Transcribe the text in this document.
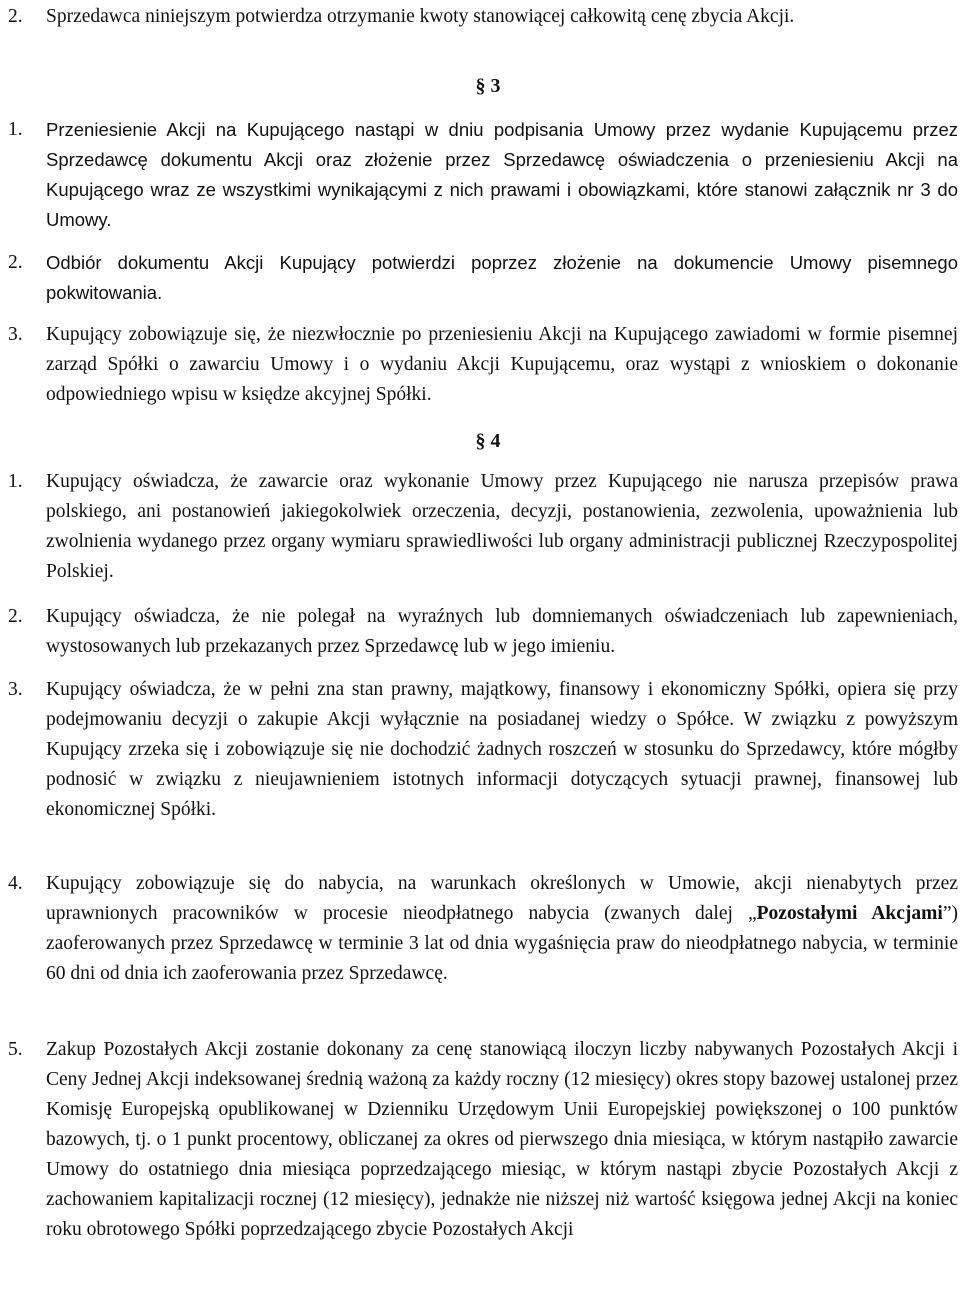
2. Sprzedawca niniejszym potwierdza otrzymanie kwoty stanowiącej całkowitą cenę zbycia Akcji.
§ 3
1. Przeniesienie Akcji na Kupującego nastąpi w dniu podpisania Umowy przez wydanie Kupującemu przez Sprzedawcę dokumentu Akcji oraz złożenie przez Sprzedawcę oświadczenia o przeniesieniu Akcji na Kupującego wraz ze wszystkimi wynikającymi z nich prawami i obowiązkami, które stanowi załącznik nr 3 do Umowy.
2. Odbiór dokumentu Akcji Kupujący potwierdzi poprzez złożenie na dokumencie Umowy pisemnego pokwitowania.
3. Kupujący zobowiązuje się, że niezwłocznie po przeniesieniu Akcji na Kupującego zawiadomi w formie pisemnej zarząd Spółki o zawarciu Umowy i o wydaniu Akcji Kupującemu, oraz wystąpi z wnioskiem o dokonanie odpowiedniego wpisu w księdze akcyjnej Spółki.
§ 4
1. Kupujący oświadcza, że zawarcie oraz wykonanie Umowy przez Kupującego nie narusza przepisów prawa polskiego, ani postanowień jakiegokolwiek orzeczenia, decyzji, postanowienia, zezwolenia, upoważnienia lub zwolnienia wydanego przez organy wymiaru sprawiedliwości lub organy administracji publicznej Rzeczypospolitej Polskiej.
2. Kupujący oświadcza, że nie polegał na wyraźnych lub domniemanych oświadczeniach lub zapewnieniach, wystosowanych lub przekazanych przez Sprzedawcę lub w jego imieniu.
3. Kupujący oświadcza, że w pełni zna stan prawny, majątkowy, finansowy i ekonomiczny Spółki, opiera się przy podejmowaniu decyzji o zakupie Akcji wyłącznie na posiadanej wiedzy o Spółce. W związku z powyższym Kupujący zrzeka się i zobowiązuje się nie dochodzić żadnych roszczeń w stosunku do Sprzedawcy, które mógłby podnosić w związku z nieujawnieniem istotnych informacji dotyczących sytuacji prawnej, finansowej lub ekonomicznej Spółki.
4. Kupujący zobowiązuje się do nabycia, na warunkach określonych w Umowie, akcji nienabytych przez uprawnionych pracowników w procesie nieodpłatnego nabycia (zwanych dalej „Pozostałymi Akcjami”) zaoferowanych przez Sprzedawcę w terminie 3 lat od dnia wygaśnięcia praw do nieodpłatnego nabycia, w terminie 60 dni od dnia ich zaoferowania przez Sprzedawcę.
5. Zakup Pozostałych Akcji zostanie dokonany za cenę stanowiącą iloczyn liczby nabywanych Pozostałych Akcji i Ceny Jednej Akcji indeksowanej średnią ważoną za każdy roczny (12 miesięcy) okres stopy bazowej ustalonej przez Komisję Europejską opublikowanej w Dzienniku Urzędowym Unii Europejskiej powiększonej o 100 punktów bazowych, tj. o 1 punkt procentowy, obliczanej za okres od pierwszego dnia miesiąca, w którym nastąpiło zawarcie Umowy do ostatniego dnia miesiąca poprzedzającego miesiąc, w którym nastąpi zbycie Pozostałych Akcji z zachowaniem kapitalizacji rocznej (12 miesięcy), jednakże nie niższej niż wartość księgowa jednej Akcji na koniec roku obrotowego Spółki poprzedzającego zbycie Pozostałych Akcji
